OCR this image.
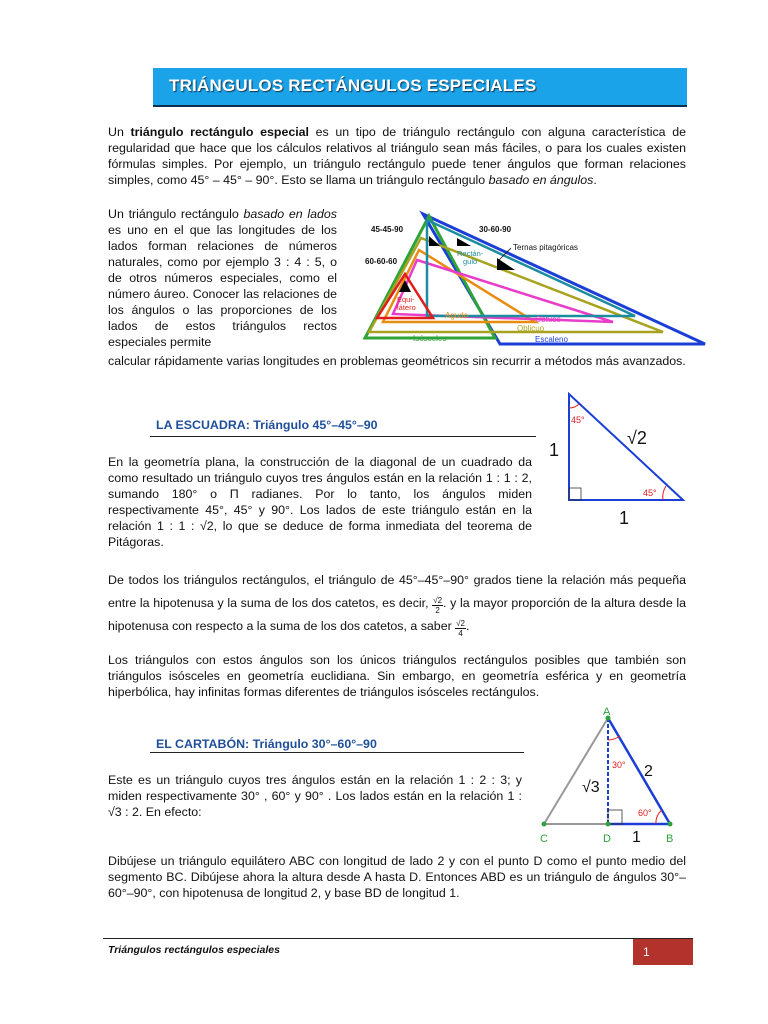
TRIÁNGULOS RECTÁNGULOS ESPECIALES
Un triángulo rectángulo especial es un tipo de triángulo rectángulo con alguna característica de regularidad que hace que los cálculos relativos al triángulo sean más fáciles, o para los cuales existen fórmulas simples. Por ejemplo, un triángulo rectángulo puede tener ángulos que forman relaciones simples, como 45° – 45° – 90°. Esto se llama un triángulo rectángulo basado en ángulos.
Un triángulo rectángulo basado en lados es uno en el que las longitudes de los lados forman relaciones de números naturales, como por ejemplo 3 : 4 : 5, o de otros números especiales, como el número áureo. Conocer las relaciones de los ángulos o las proporciones de los lados de estos triángulos rectos especiales permite
calcular rápidamente varias longitudes en problemas geométricos sin recurrir a métodos más avanzados.
45-45-90	30-60-90
60-60-60
Rectán-
gulo
Ternas pitagóricas
Equi-
látero
Agudo	Obtuso
Oblicuo
Isósceles	Escaleno
LA ESCUADRA: Triángulo 45°–45°–90	45°
45°
1
1
√2
En la geometría plana, la construcción de la diagonal de un cuadrado da como resultado un triángulo cuyos tres ángulos están en la relación 1 : 1 : 2, sumando 180° o Π radianes. Por lo tanto, los ángulos miden respectivamente 45°, 45° y 90°. Los lados de este triángulo están en la relación 1 : 1 : √2, lo que se deduce de forma inmediata del teorema de Pitágoras.
De todos los triángulos rectángulos, el triángulo de 45°–45°–90° grados tiene la relación más pequeña entre la hipotenusa y la suma de los dos catetos, es decir, $\frac{√2}{2}$. y la mayor proporción de la altura desde la hipotenusa con respecto a la suma de los dos catetos, a saber $\frac{√2}{4}$.
Los triángulos con estos ángulos son los únicos triángulos rectángulos posibles que también son triángulos isósceles en geometría euclidiana. Sin embargo, en geometría esférica y en geometría hiperbólica, hay infinitas formas diferentes de triángulos isósceles rectángulos.
EL CARTABÓN: Triángulo 30°–60°–90
Este es un triángulo cuyos tres ángulos están en la relación 1 : 2 : 3; y miden respectivamente 30° , 60° y 90° . Los lados están en la relación 1 : √3 : 2. En efecto:
A
C	D	B
30°
60°
2
√3
1
Dibújese un triángulo equilátero ABC con longitud de lado 2 y con el punto D como el punto medio del segmento BC. Dibújese ahora la altura desde A hasta D. Entonces ABD es un triángulo de ángulos 30°–60°–90°, con hipotenusa de longitud 2, y base BD de longitud 1.
Triángulos rectángulos especiales	1
